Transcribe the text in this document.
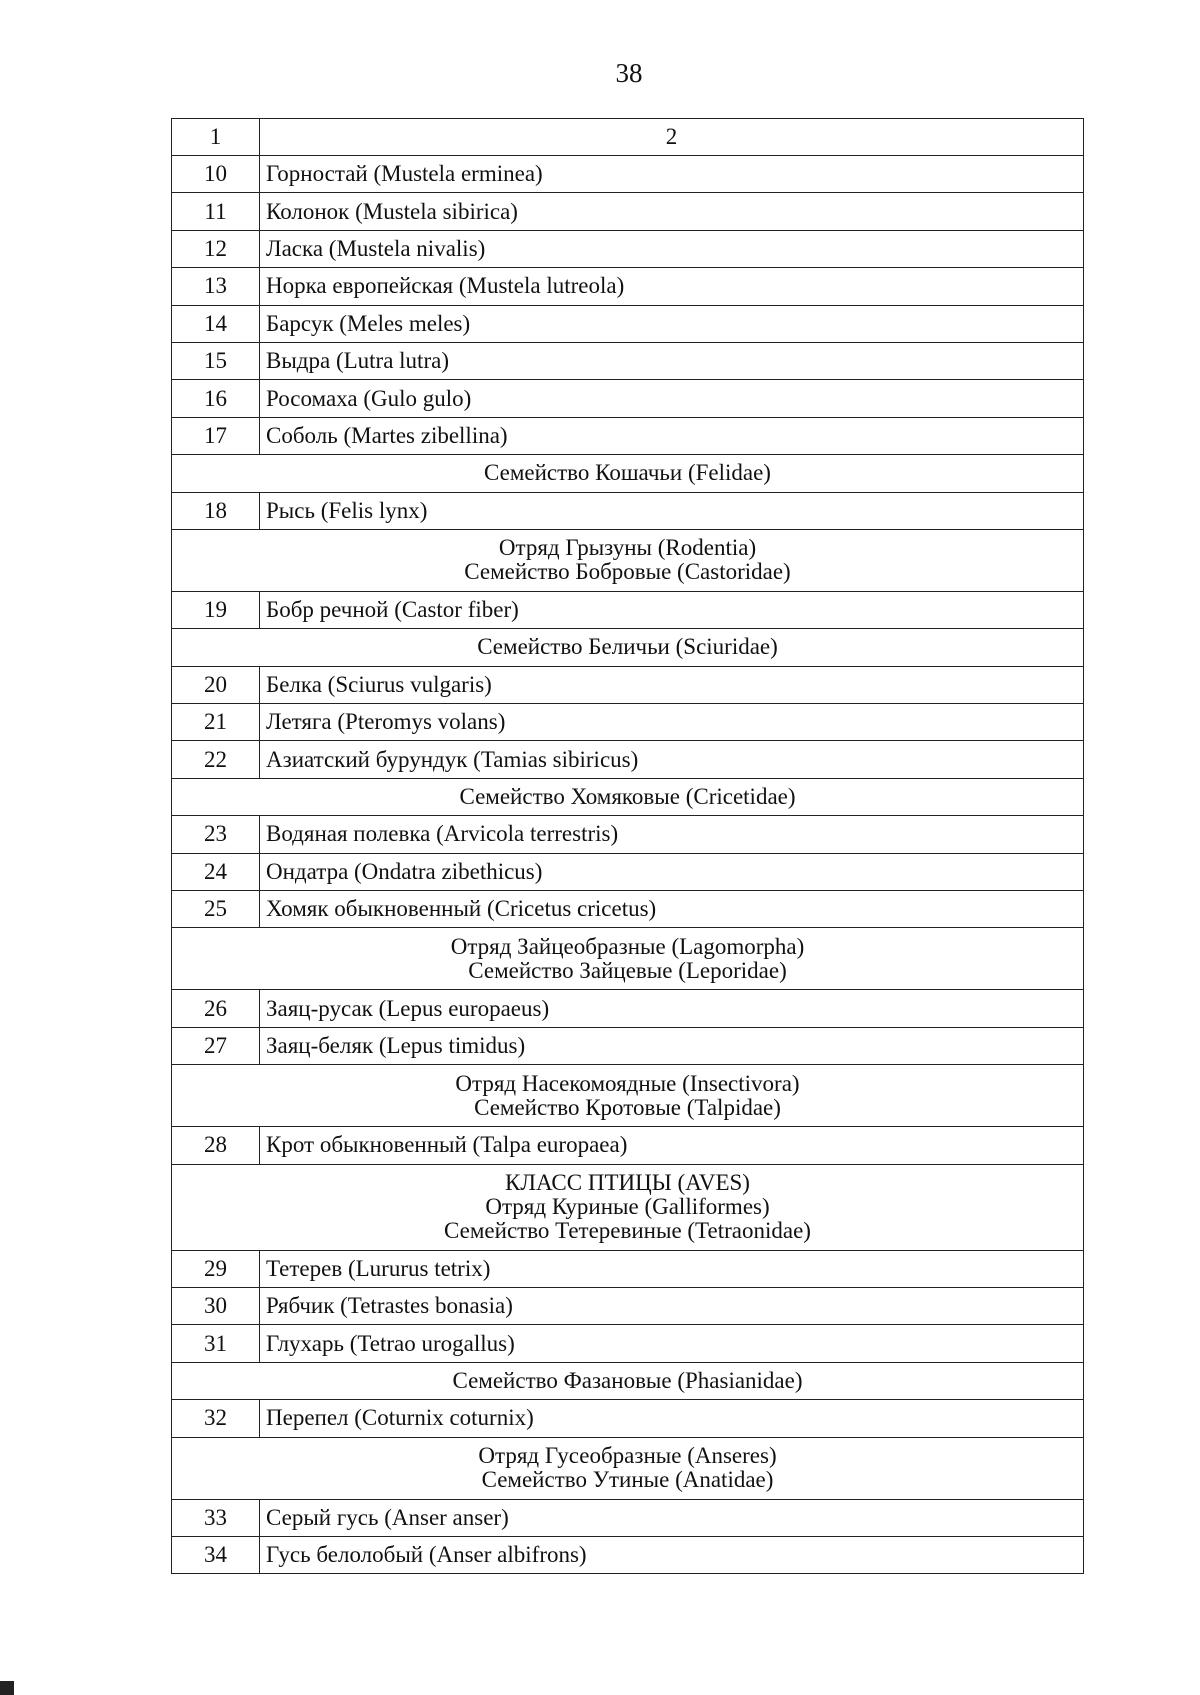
38
1	2
10	Горностай (Mustela erminea)
11	Колонок (Mustela sibirica)
12	Ласка (Mustela nivalis)
13	Норка европейская (Mustela lutreola)
14	Барсук (Meles meles)
15	Выдра (Lutra lutra)
16	Росомаха (Gulo gulo)
17	Соболь (Martes zibellina)

Семейство Кошачьи (Felidae)	

18	Рысь (Felis lynx)

Отряд Грызуны (Rodentia)
Семейство Бобровые (Castoridae)	

19	Бобр речной (Castor fiber)

Семейство Беличьи (Sciuridae)	

20	Белка (Sciurus vulgaris)
21	Летяга (Pteromys volans)
22	Азиатский бурундук (Tamias sibiricus)

Семейство Хомяковые (Cricetidae)	

23	Водяная полевка (Arvicola terrestris)
24	Ондатра (Ondatra zibethicus)
25	Хомяк обыкновенный (Cricetus cricetus)

Отряд Зайцеобразные (Lagomorpha)
Семейство Зайцевые (Leporidae)	

26	Заяц-русак (Lepus europaeus)
27	Заяц-беляк (Lepus timidus)

Отряд Насекомоядные (Insectivora)
Семейство Кротовые (Talpidae)	

28	Крот обыкновенный (Talpa europaea)

КЛАСС ПТИЦЫ (AVES)
Отряд Куриные (Galliformes)
Семейство Тетеревиные (Tetraonidae)	

29	Тетерев (Lururus tetrix)
30	Рябчик (Tetrastes bonasia)
31	Глухарь (Tetrao urogallus)

Семейство Фазановые (Phasianidae)	

32	Перепел (Coturnix coturnix)

Отряд Гусеобразные (Anseres)
Семейство Утиные (Anatidae)	

33	Серый гусь (Anser anser)
34	Гусь белолобый (Anser albifrons)
